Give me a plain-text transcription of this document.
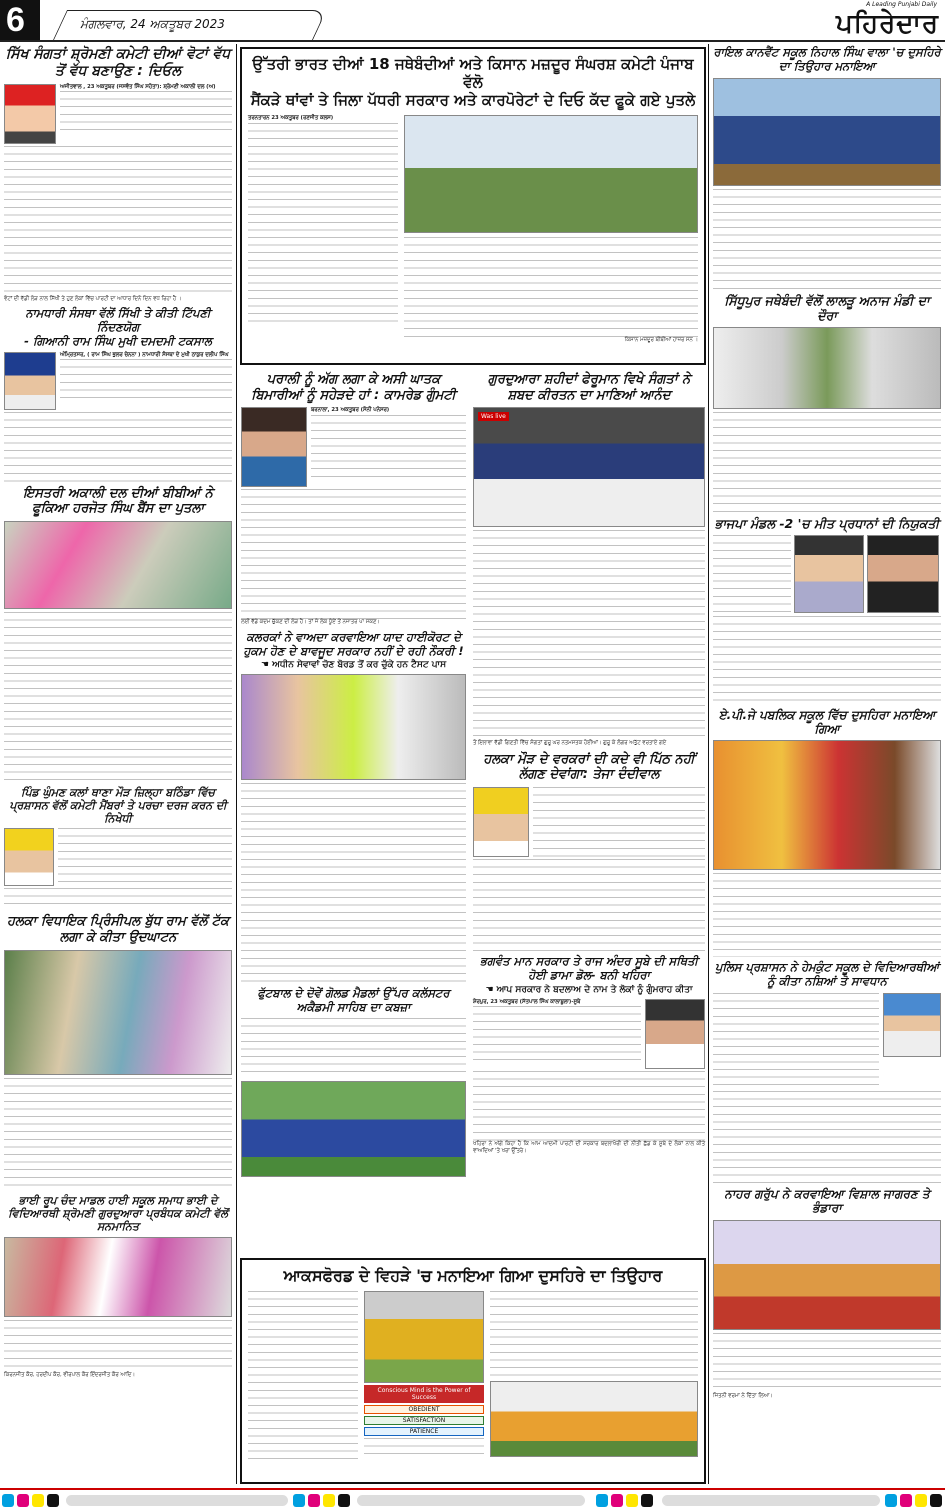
6	ਮੰਗਲਵਾਰ, 24 ਅਕਤੂਬਰ 2023
A Leading Punjabi Daily
ਪਹਿਰੇਦਾਰ
ਸਿੱਖ ਸੰਗਤਾਂ ਸ਼੍ਰੋਮਣੀ ਕਮੇਟੀ ਦੀਆਂ ਵੋਟਾਂ ਵੱਧ ਤੋਂ ਵੱਧ ਬਣਾਉਣ : ਦਿਓਲ
ਅਜੀਤਵਾਲ , 23 ਅਕਤੂਬਰ (ਜਸਵੰਤ ਸਿੰਘ ਸਹੋਤਾ): ਸ਼੍ਰੋਮਣੀ ਅਕਾਲੀ ਦਲ (ਅ)
ਵੋਟਾਂ ਦੀ ਵੱਡੀ ਲੋੜ ਨਾਲ ਸਿੱਖੀ ਤੇ ਹੁਣ ਲੋਕਾਂ ਵਿੱਚ ਪਾਰਟੀ ਦਾ ਆਧਾਰ ਦਿਨੋ ਦਿਨ ਵਧ ਰਿਹਾ ਹੈ ।
ਨਾਮਧਾਰੀ ਸੰਸਥਾ ਵੱਲੋਂ ਸਿੱਖੀ ਤੇ ਕੀਤੀ ਟਿੱਪਣੀ ਨਿੰਦਣਯੋਗ
- ਗਿਆਨੀ ਰਾਮ ਸਿੰਘ ਮੁਖੀ ਦਮਦਮੀ ਟਕਸਾਲ
ਅੰਮ੍ਰਿਤਸਰ, ( ਰਾਮ ਸਿੰਘ ਭੁਲਰ ਚੇਨਨਾ ) ਨਾਮਧਾਰੀ ਸੰਸਥਾ ਦੇ ਮੁਖੀ ਠਾਕੁਰ ਦਲੀਪ ਸਿੰਘ
ਇਸਤਰੀ ਅਕਾਲੀ ਦਲ ਦੀਆਂ ਬੀਬੀਆਂ ਨੇ ਫੂਕਿਆ ਹਰਜੋਤ ਸਿੰਘ ਬੈਂਸ ਦਾ ਪੁਤਲਾ
ਪਿੰਡ ਘੁੰਮਣ ਕਲਾਂ ਥਾਣਾ ਮੌੜ ਜ਼ਿਲ੍ਹਾ ਬਠਿੰਡਾ ਵਿੱਚ ਪ੍ਰਸ਼ਾਸਨ ਵੱਲੋਂ ਕਮੇਟੀ ਮੈਂਬਰਾਂ ਤੇ ਪਰਚਾ ਦਰਜ ਕਰਨ ਦੀ ਨਿਖੇਧੀ
ਹਲਕਾ ਵਿਧਾਇਕ ਪ੍ਰਿੰਸੀਪਲ ਬੁੱਧ ਰਾਮ ਵੱਲੋਂ ਟੱਕ ਲਗਾ ਕੇ ਕੀਤਾ ਉਦਘਾਟਨ
ਭਾਈ ਰੂਪ ਚੰਦ ਮਾਡਲ ਹਾਈ ਸਕੂਲ ਸਮਾਧ ਭਾਈ ਦੇ ਵਿਦਿਆਰਥੀ ਸ਼੍ਰੋਮਣੀ ਗੁਰਦੁਆਰਾ ਪ੍ਰਬੰਧਕ ਕਮੇਟੀ ਵੱਲੋਂ ਸਨਮਾਨਿਤ
ਕਿਰਨਜੀਤ ਕੌਰ, ਹਰਦੀਪ ਕੌਰ, ਵੀਰਪਾਲ ਕੌਰ ਇੰਦਰਜੀਤ ਕੌਰ ਆਦਿ।
ਉੱਤਰੀ ਭਾਰਤ ਦੀਆਂ 18 ਜਥੇਬੰਦੀਆਂ ਅਤੇ ਕਿਸਾਨ ਮਜ਼ਦੂਰ ਸੰਘਰਸ਼ ਕਮੇਟੀ ਪੰਜਾਬ ਵੱਲੋ
ਸੈਂਕੜੇ ਥਾਂਵਾਂ ਤੇ ਜਿਲਾ ਪੱਧਰੀ ਸਰਕਾਰ ਅਤੇ ਕਾਰਪੋਰੇਟਾਂ ਦੇ ਦਿਓ ਕੱਦ ਫੂਕੇ ਗਏ ਪੁਤਲੇ
ਤਰਨਤਾਰਨ 23 ਅਕਤੂਬਰ (ਰਣਜੀਤ ਕਲਸ)
ਕਿਸਾਨ ਮਜ਼ਦੂਰ ਬੀਬੀਆਂ ਹਾਜ਼ਰ ਸਨ ।
ਪਰਾਲੀ ਨੂੰ ਅੱਗ ਲਗਾ ਕੇ ਅਸੀ ਘਾਤਕ ਬਿਮਾਰੀਆਂ ਨੂੰ ਸਹੇੜਦੇ ਹਾਂ : ਕਾਮਰੇਡ ਗੁੰਮਟੀ
ਬਰਨਾਲਾ, 23 ਅਕਤੂਬਰ (ਸੋਨੀ ਪਨੇਸਰ)
ਲਈ ਵੱਡੇ ਕਦਮ ਚੁੱਕਣ ਦੀ ਲੋੜ ਹੈ। ਤਾਂ ਜੋ ਲੋਕ ਧੂੰਏਂ ਤੋਂ ਨਜਾਤਰ ਪਾ ਸਕਣ।
ਕਲਰਕਾਂ ਨੇ ਵਾਅਦਾ ਕਰਵਾਇਆ ਯਾਦ ਹਾਈਕੋਰਟ ਦੇ ਹੁਕਮ ਹੋਣ ਦੇ ਬਾਵਜੂਦ ਸਰਕਾਰ ਨਹੀਂ ਦੇ ਰਹੀ ਨੌਕਰੀ !
☚ ਅਧੀਨ ਸੇਵਾਵਾਂ ਚੋਣ ਬੋਰਡ ਤੋਂ ਕਰ ਚੁੱਕੇ ਹਨ ਟੈਸਟ ਪਾਸ
ਫੁੱਟਬਾਲ ਦੇ ਦੋਵੇਂ ਗੋਲਡ ਮੈਡਲਾਂ ਉੱਪਰ ਕਲੱਸਟਰ ਅਕੈਡਮੀ ਸਾਹਿਬ ਦਾ ਕਬਜ਼ਾ
ਗੁਰਦੁਆਰਾ ਸ਼ਹੀਦਾਂ ਫੇਰੂਮਾਨ ਵਿਖੇ ਸੰਗਤਾਂ ਨੇ ਸ਼ਬਦ ਕੀਰਤਨ ਦਾ ਮਾਣਿਆਂ ਆਨੰਦ
Was live
ਤੋਂ ਇਲਾਵਾ ਵੱਡੀ ਗਿਣਤੀ ਵਿੱਚ ਸੰਗਤਾਂ ਗੁਰੂ ਘਰ ਨਤਮਸਤਕ ਹੋਈਆਂ। ਗੁਰੂ ਕੇ ਲੰਗਰ ਅਤੁੱਟ ਵਰਤਾਏ ਗਏ
ਹਲਕਾ ਮੌੜ ਦੇ ਵਰਕਰਾਂ ਦੀ ਕਦੇ ਵੀ ਪਿੱਠ ਨਹੀਂ ਲੱਗਣ ਦੇਵਾਂਗਾ: ਤੇਜਾ ਦੰਦੀਵਾਲ
ਭਗਵੰਤ ਮਾਨ ਸਰਕਾਰ ਤੇ ਰਾਜ ਅੰਦਰ ਸੂਬੇ ਦੀ ਸਥਿਤੀ ਹੋਈ ਡਾਮਾ ਡੋਲ- ਬਨੀ ਖਹਿਰਾ
☚ ਆਪ ਸਰਕਾਰ ਨੇ ਬਦਲਾਅ ਦੇ ਨਾਮ ਤੇ ਲੋਕਾਂ ਨੂੰ ਗੁੰਮਰਾਹ ਕੀਤਾ
ਸ਼ੇਰਪੁਰ, 23 ਅਕਤੂਬਰ (ਸੱਤਪਾਲ ਸਿੰਘ ਕਾਲਾਬੂਲਾ)-ਸੂਬੇ
ਖਹਿਰਾ ਨੇ ਅੱਗੇ ਕਿਹਾ ਹੈ ਕਿ ਆਮ ਆਦਮੀ ਪਾਰਟੀ ਦੀ ਸਰਕਾਰ ਬਦਲਾਖੋਰੀ ਦੀ ਨੀਤੀ ਛੱਡ ਕੇ ਸੂਬੇ ਦੇ ਲੋਕਾਂ ਨਾਲ ਕੀਤੇ ਵਾਅਦਿਆਂ 'ਤੇ ਖਰਾ ਉੱਤਰੇ।
ਆਕਸਫੋਰਡ ਦੇ ਵਿਹੜੇ 'ਚ ਮਨਾਇਆ ਗਿਆ ਦੁਸਹਿਰੇ ਦਾ ਤਿਉਹਾਰ
Conscious Mind is the Power of Success
OBEDIENT
SATISFACTION
PATIENCE
ਰਾਇਲ ਕਾਨਵੈਂਟ ਸਕੂਲ ਨਿਹਾਲ ਸਿੰਘ ਵਾਲਾ 'ਚ ਦੁਸਹਿਰੇ ਦਾ ਤਿਉਹਾਰ ਮਨਾਇਆ
ਸਿੱਧੂਪੁਰ ਜਥੇਬੰਦੀ ਵੱਲੋਂ ਲਾਲੜੂ ਅਨਾਜ ਮੰਡੀ ਦਾ ਦੌਰਾ
ਭਾਜਪਾ ਮੰਡਲ -2 'ਚ ਮੀਤ ਪ੍ਰਧਾਨਾਂ ਦੀ ਨਿਯੁਕਤੀ
ਏ.ਪੀ.ਜੇ ਪਬਲਿਕ ਸਕੂਲ ਵਿੱਚ ਦੁਸਹਿਰਾ ਮਨਾਇਆ ਗਿਆ
ਪੁਲਿਸ ਪ੍ਰਸ਼ਾਸਨ ਨੇ ਹੇਮਕੁੰਟ ਸਕੂਲ ਦੇ ਵਿਦਿਆਰਥੀਆਂ ਨੂੰ ਕੀਤਾ ਨਸ਼ਿਆਂ ਤੋ ਸਾਵਧਾਨ
ਨਾਹਰ ਗਰੁੱਪ ਨੇ ਕਰਵਾਇਆ ਵਿਸ਼ਾਲ ਜਾਗਰਣ ਤੇ ਭੰਡਾਰਾ
ਜਿਤਨੀ ਵਰਮਾ ਨੇ ਦਿੱਤਾ ਲਿਆ।
